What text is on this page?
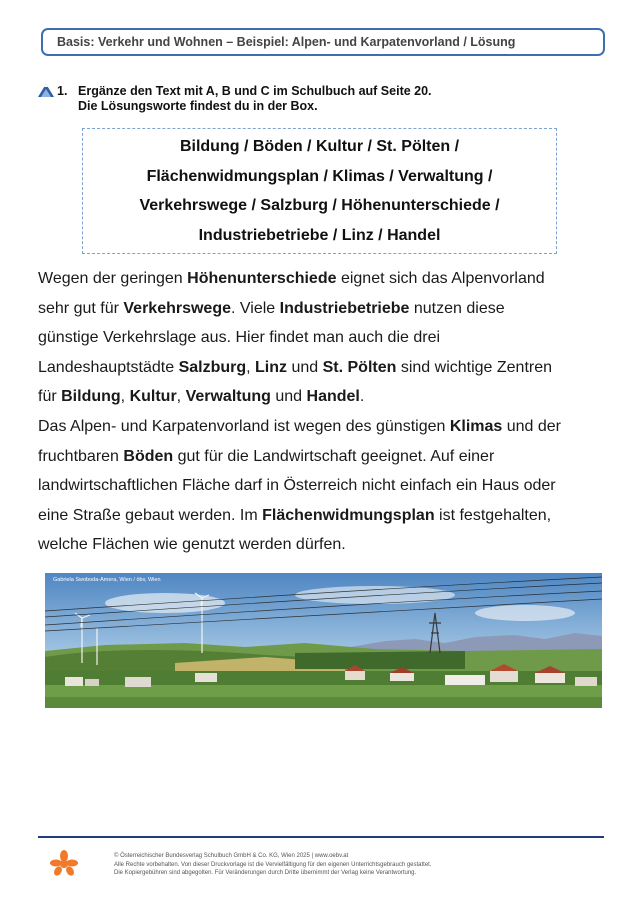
Basis: Verkehr und Wohnen – Beispiel: Alpen- und Karpatenvorland / Lösung
1. Ergänze den Text mit A, B und C im Schulbuch auf Seite 20.
Die Lösungsworte findest du in der Box.
Bildung / Böden / Kultur / St. Pölten /
Flächenwidmungsplan / Klimas / Verwaltung /
Verkehrswege / Salzburg / Höhenunterschiede /
Industriebetriebe / Linz / Handel
Wegen der geringen Höhenunterschiede eignet sich das Alpenvorland
sehr gut für Verkehrswege. Viele Industriebetriebe nutzen diese
günstige Verkehrslage aus. Hier findet man auch die drei
Landeshauptstädte Salzburg, Linz und St. Pölten sind wichtige Zentren
für Bildung, Kultur, Verwaltung und Handel.
Das Alpen- und Karpatenvorland ist wegen des günstigen Klimas und der
fruchtbaren Böden gut für die Landwirtschaft geeignet. Auf einer
landwirtschaftlichen Fläche darf in Österreich nicht einfach ein Haus oder
eine Straße gebaut werden. Im Flächenwidmungsplan ist festgehalten,
welche Flächen wie genutzt werden dürfen.
Gabriela Swoboda-Amera, Wien / öbv, Wien
© Österreichischer Bundesverlag Schulbuch GmbH & Co. KG, Wien 2025 | www.oebv.at
Alle Rechte vorbehalten. Von dieser Druckvorlage ist die Vervielfältigung für den eigenen Unterrichtsgebrauch gestattet.
Die Kopiergebühren sind abgegolten. Für Veränderungen durch Dritte übernimmt der Verlag keine Verantwortung.
